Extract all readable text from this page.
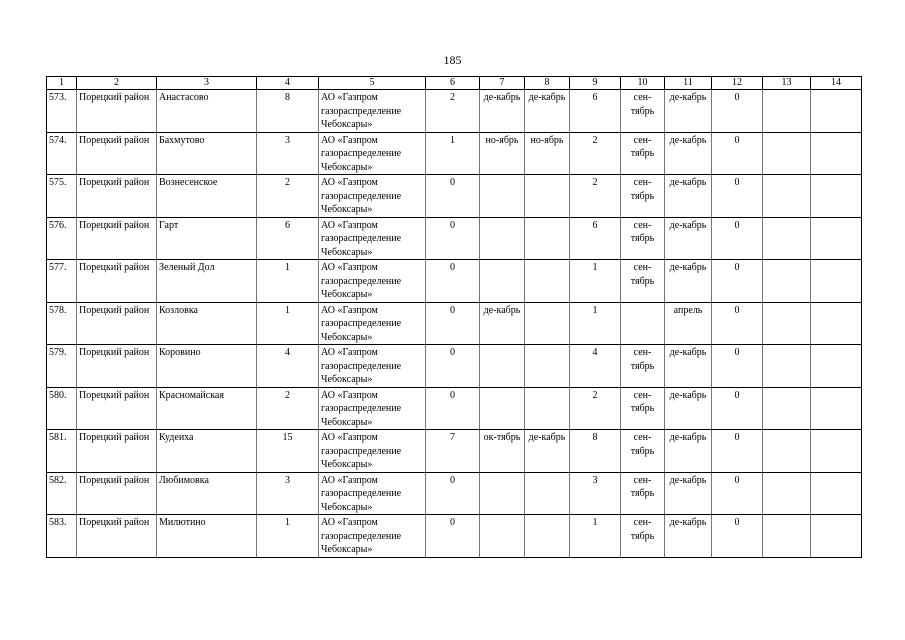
185
1	2	3	4	5	6	7	8	9	10	11	12	13	14
573.	Порецкий район	Анастасово	8	АО «Газпром газораспределение Чебоксары»	2	де-кабрь	де-кабрь	6	сен-тябрь	де-кабрь	0		
574.	Порецкий район	Бахмутово	3	АО «Газпром газораспределение Чебоксары»	1	но-ябрь	но-ябрь	2	сен-тябрь	де-кабрь	0		
575.	Порецкий район	Вознесенское	2	АО «Газпром газораспределение Чебоксары»	0			2	сен-тябрь	де-кабрь	0		
576.	Порецкий район	Гарт	6	АО «Газпром газораспределение Чебоксары»	0			6	сен-тябрь	де-кабрь	0		
577.	Порецкий район	Зеленый Дол	1	АО «Газпром газораспределение Чебоксары»	0			1	сен-тябрь	де-кабрь	0		
578.	Порецкий район	Козловка	1	АО «Газпром газораспределение Чебоксары»	0	де-кабрь		1		апрель	0		
579.	Порецкий район	Коровино	4	АО «Газпром газораспределение Чебоксары»	0			4	сен-тябрь	де-кабрь	0		
580.	Порецкий район	Красномайская	2	АО «Газпром газораспределение Чебоксары»	0			2	сен-тябрь	де-кабрь	0		
581.	Порецкий район	Кудеиха	15	АО «Газпром газораспределение Чебоксары»	7	ок-тябрь	де-кабрь	8	сен-тябрь	де-кабрь	0		
582.	Порецкий район	Любимовка	3	АО «Газпром газораспределение Чебоксары»	0			3	сен-тябрь	де-кабрь	0		
583.	Порецкий район	Милютино	1	АО «Газпром газораспределение Чебоксары»	0			1	сен-тябрь	де-кабрь	0		
